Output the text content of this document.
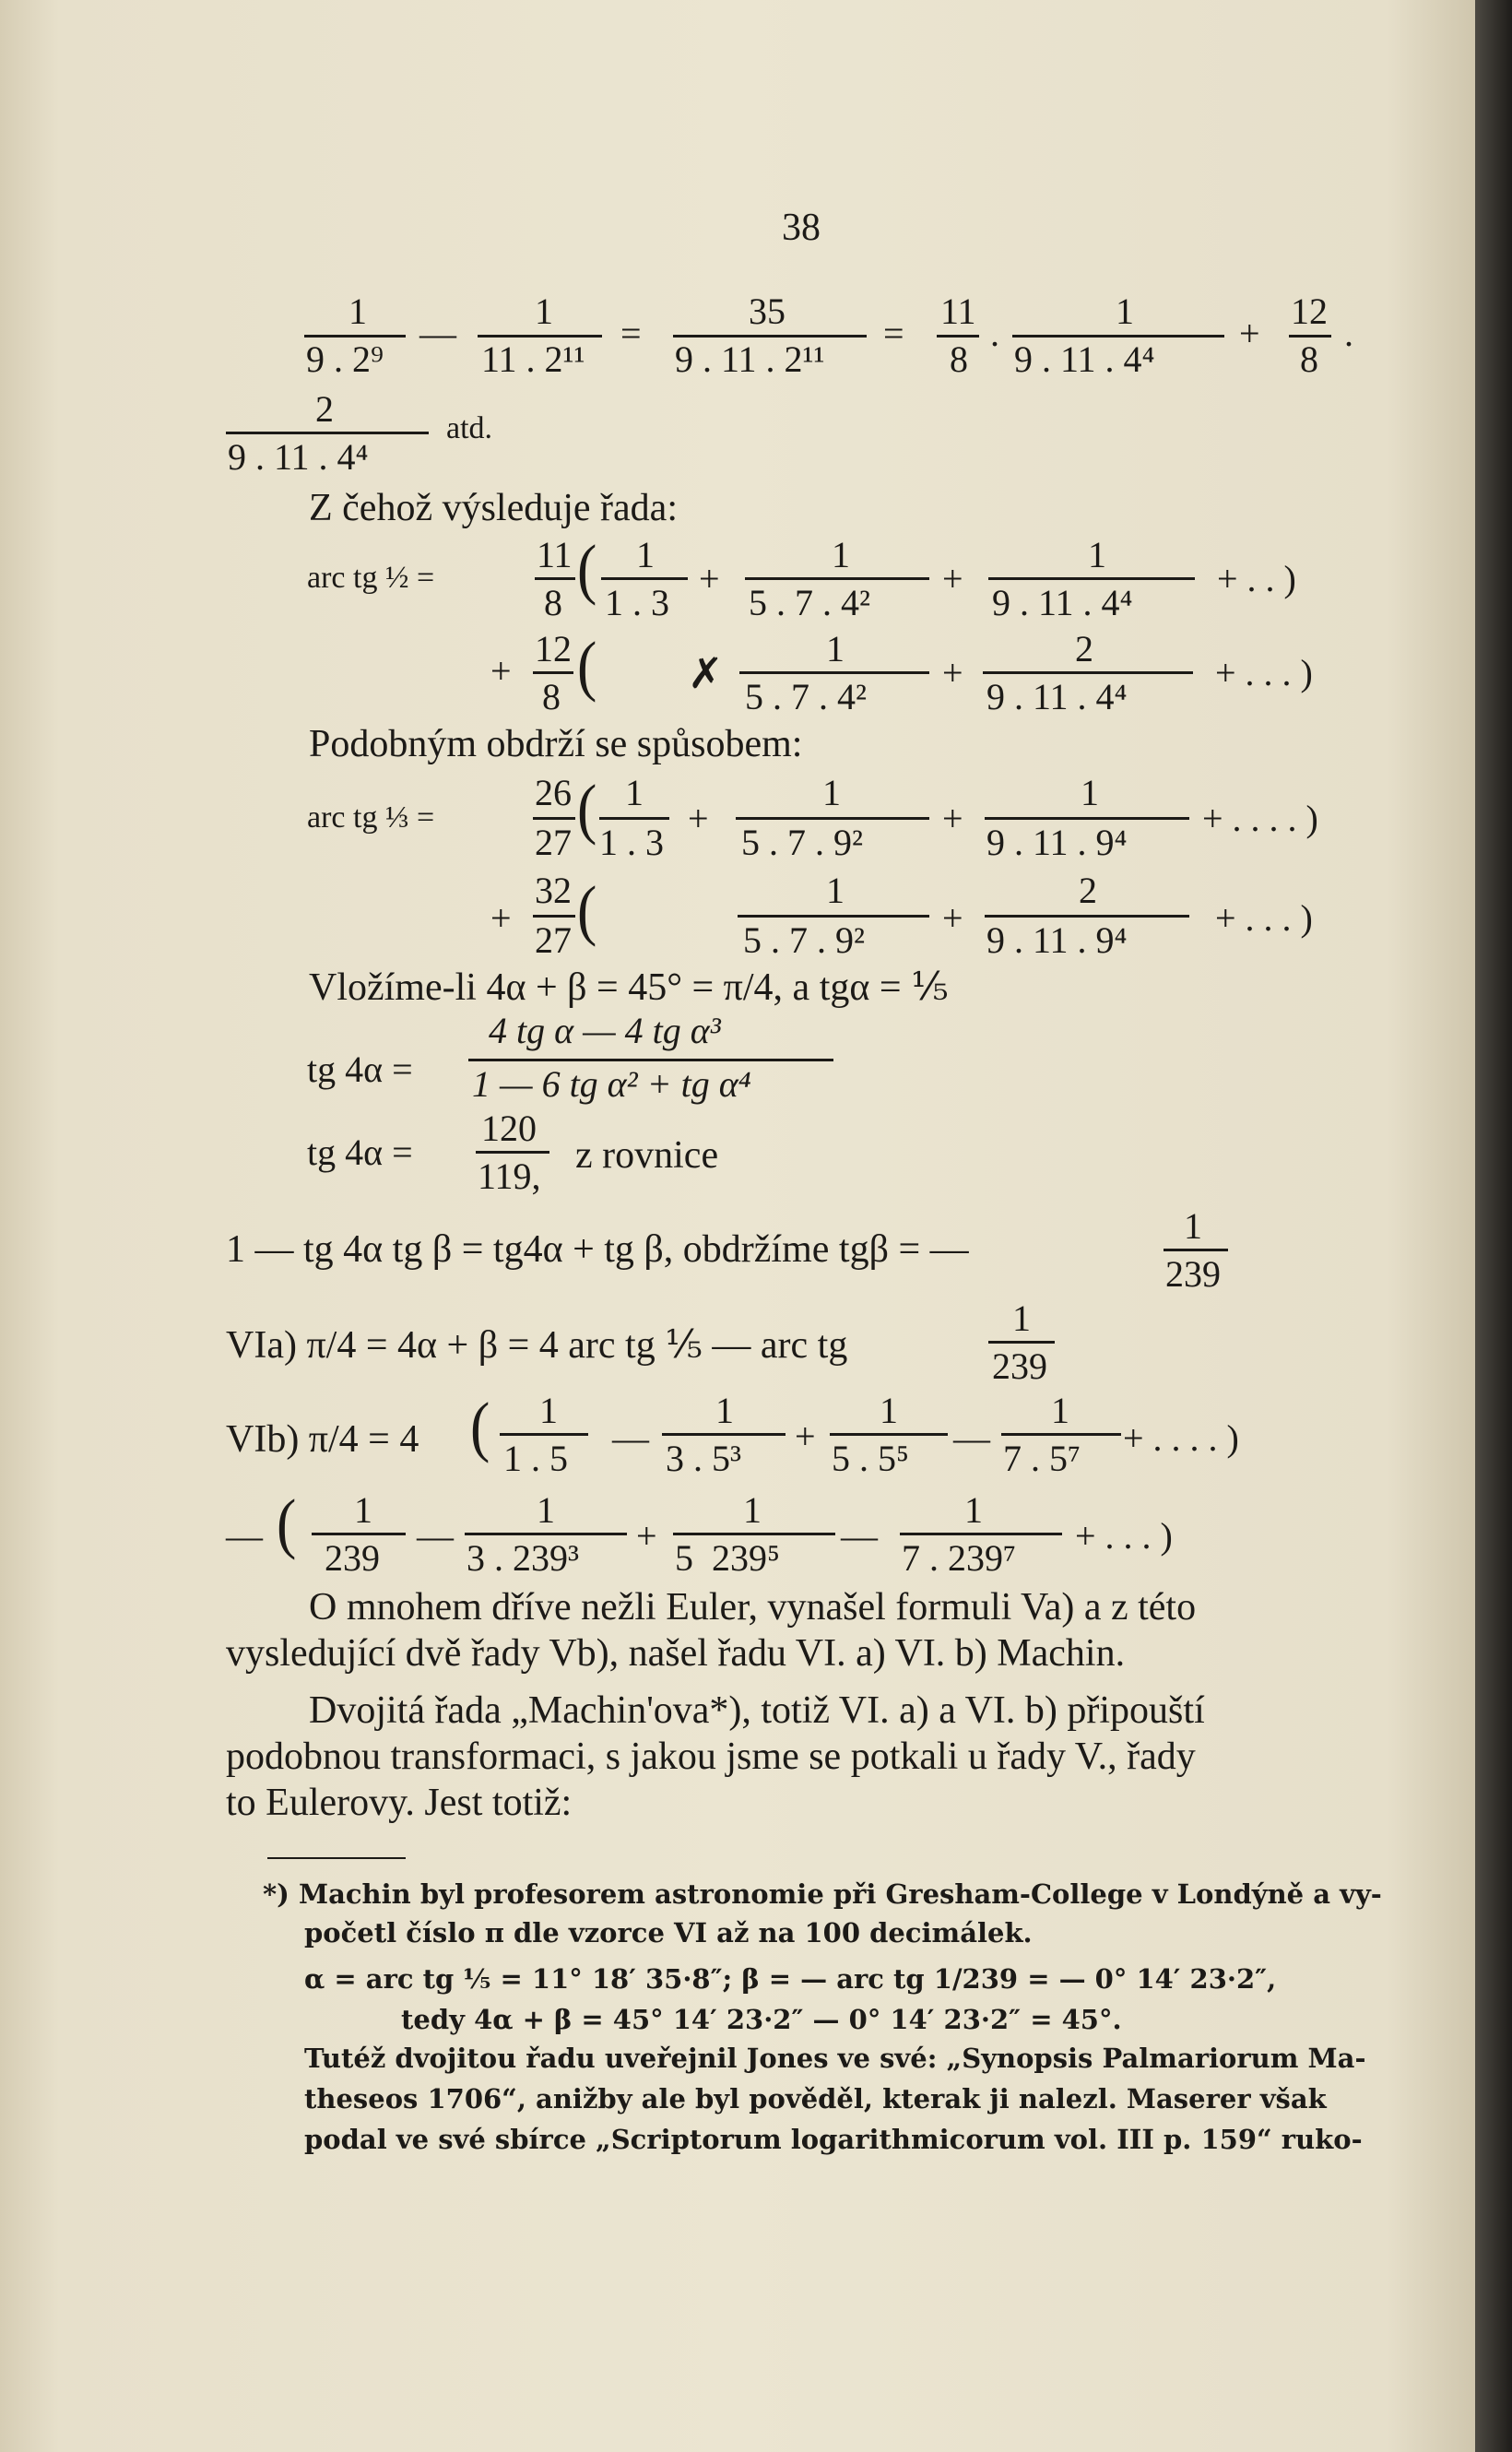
38
1
9 . 2⁹
—
1
11 . 2¹¹
=
35
9 . 11 . 2¹¹
=
11
8
.
1
9 . 11 . 4⁴
+
12
8
.
2
9 . 11 . 4⁴
atd.
Z čehož výsleduje řada:
arc tg ½ =
11
8 ( 1
1 . 3
+
1
5 . 7 . 4²
+
1
9 . 11 . 4⁴
+ . . )
+
12
8 ( ✗
1
5 . 7 . 4²
+
2
9 . 11 . 4⁴
+ . . . )
Podobným obdrží se spůsobem:
arc tg ⅓ =
26
27 ( 1
1 . 3
+
1
5 . 7 . 9²
+
1
9 . 11 . 9⁴
+ . . . . )
+
32
27 (	1
5 . 7 . 9²
+
2
9 . 11 . 9⁴
+ . . . )
Vložíme-li 4α + β = 45° = π/4, a tgα = ⅕
tg 4α =
4 tg α — 4 tg α³
1 — 6 tg α² + tg α⁴
tg 4α =
120
119, z rovnice
1 — tg 4α tg β = tg4α + tg β, obdržíme tgβ = —
1
239
VIa) π/4 = 4α + β = 4 arc tg ⅕ — arc tg
1
239
VIb) π/4 = 4 ( 1
1 . 5 —
1
3 . 5³
+
1
5 . 5⁵ —
1
7 . 5⁷ + . . . . )
— ( 1
239
—
1
3 . 239³
+
1
5  239⁵
—
1
7 . 239⁷
+ . . . )
O mnohem dříve nežli Euler, vynašel formuli Va) a z této
vysledující dvě řady Vb), našel řadu VI. a) VI. b) Machin.
Dvojitá řada „Machin'ova*), totiž VI. a) a VI. b) připouští
podobnou transformaci, s jakou jsme se potkali u řady V., řady
to Eulerovy. Jest totiž:
*) Machin byl profesorem astronomie při Gresham-College v Londýně a vy-
početl číslo π dle vzorce VI až na 100 decimálek.
α = arc tg ⅕ = 11° 18′ 35·8″; β = — arc tg 1/239 = — 0° 14′ 23·2″,
tedy 4α + β = 45° 14′ 23·2″ — 0° 14′ 23·2″ = 45°.
Tutéž dvojitou řadu uveřejnil Jones ve své: „Synopsis Palmariorum Ma-
theseos 1706“, anižby ale byl pověděl, kterak ji nalezl. Maserer však
podal ve své sbírce „Scriptorum logarithmicorum vol. III p. 159“ ruko-
